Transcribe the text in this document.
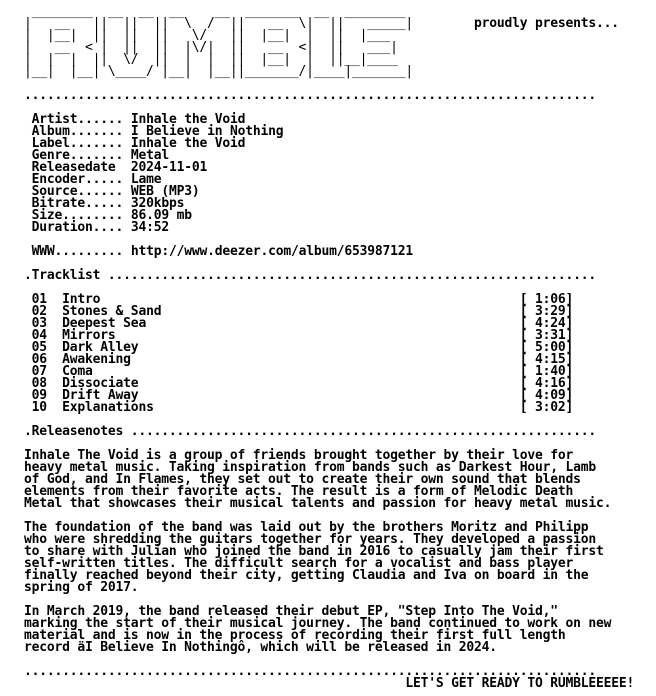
________  __  __  __    __  _______  __  ________
|   __   ||  ||  ||  \  /  ||   __  \|  ||   _____|	proudly presents...
|  |__|  ||  ||  ||   \/   ||  |__|  |  ||  |___
|   __  < |  ||  ||  |\/|  ||   __  <|  ||   ___|
|  |  |  ||  \/  ||  |  |  ||  |__|  |  ||__|____
|__|  |__| \____/ |__|  |__||_______/|____|_______|

...........................................................................

Artist...... Inhale the Void
Album....... I Believe in Nothing
Label....... Inhale the Void
Genre....... Metal
Releasedate 2024-11-01
Encoder..... Lame
Source...... WEB (MP3)
Bitrate..... 320kbps
Size........ 86.09 mb
Duration.... 34:52

WWW......... http://www.deezer.com/album/653987121

.Tracklist ................................................................

01 Intro	[ 1:06]
02 Stones & Sand	[ 3:29]
03 Deepest Sea	[ 4:24]
04 Mirrors	[ 3:31]
05 Dark Alley	[ 5:00]
06 Awakening	[ 4:15]
07 Coma	[ 1:40]
08 Dissociate	[ 4:16]
09 Drift Away	[ 4:09]
10 Explanations	[ 3:02]

.Releasenotes .............................................................

Inhale The Void is a group of friends brought together by their love for
heavy metal music. Taking inspiration from bands such as Darkest Hour, Lamb
of God, and In Flames, they set out to create their own sound that blends
elements from their favorite acts. The result is a form of Melodic Death
Metal that showcases their musical talents and passion for heavy metal music.

The foundation of the band was laid out by the brothers Moritz and Philipp
who were shredding the guitars together for years. They developed a passion
to share with Julian who joined the band in 2016 to casually jam their first
self-written titles. The difficult search for a vocalist and bass player
finally reached beyond their city, getting Claudia and Iva on board in the
spring of 2017.

In March 2019, the band released their debut EP, "Step Into The Void,"
marking the start of their musical journey. The band continued to work on new
material and is now in the process of recording their first full length
record äI Believe In Nothingô, which will be released in 2024.

...........................................................................
LET'S GET READY TO RUMBLEEEEE!
